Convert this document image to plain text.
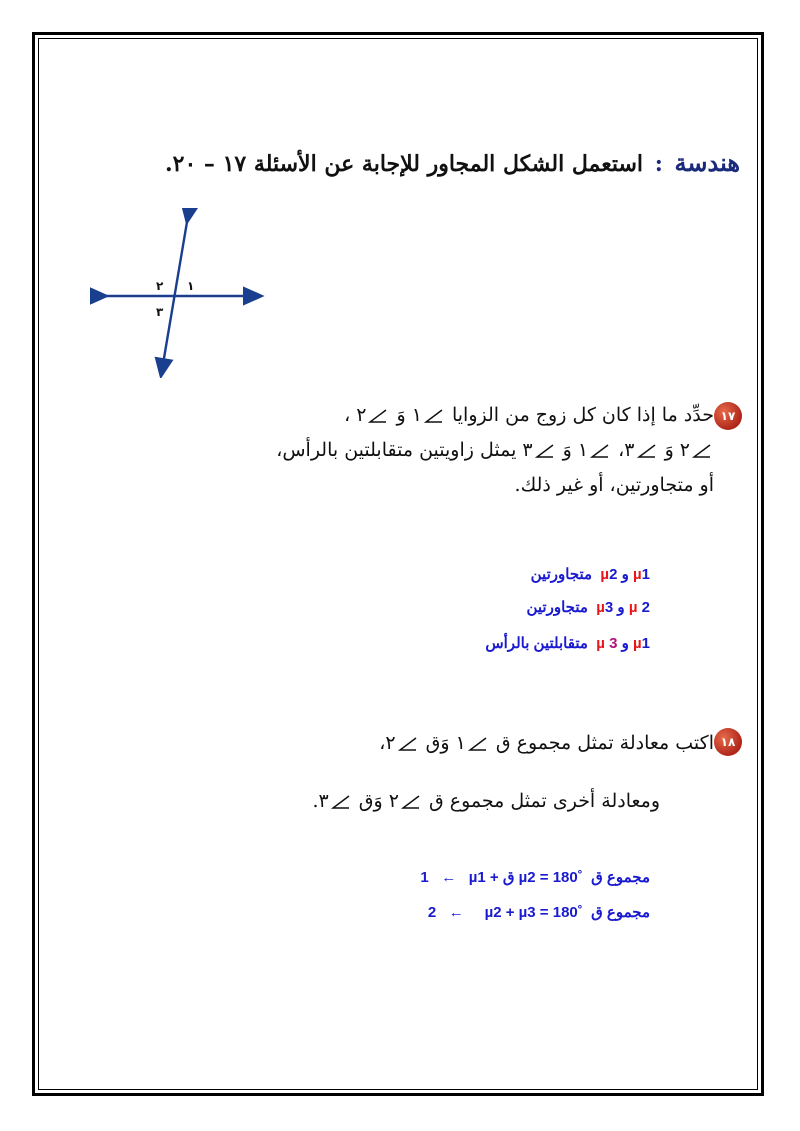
هندسة : استعمل الشكل المجاور للإجابة عن الأسئلة ١٧ – ٢٠.
١
٢
٣
١٧
حدِّد ما إذا كان كل زوج من الزوايا ١ وَ ٢ ،
٢ وَ ٣، ١ وَ ٣ يمثل زاويتين متقابلتين بالرأس،
أو متجاورتين، أو غير ذلك.
µ1 و µ2  متجاورتين
µ 2 و µ3  متجاورتين
µ1 و µ 3  متقابلتين بالرأس
١٨
اكتب معادلة تمثل مجموع ق ١ وَق ٢،
ومعادلة أخرى تمثل مجموع ق ٢ وَق ٣.
مجموع ق  µ1 + ق µ2 = 180˚   ←   1
مجموع ق  µ2 + µ3 = 180˚     ←   2
